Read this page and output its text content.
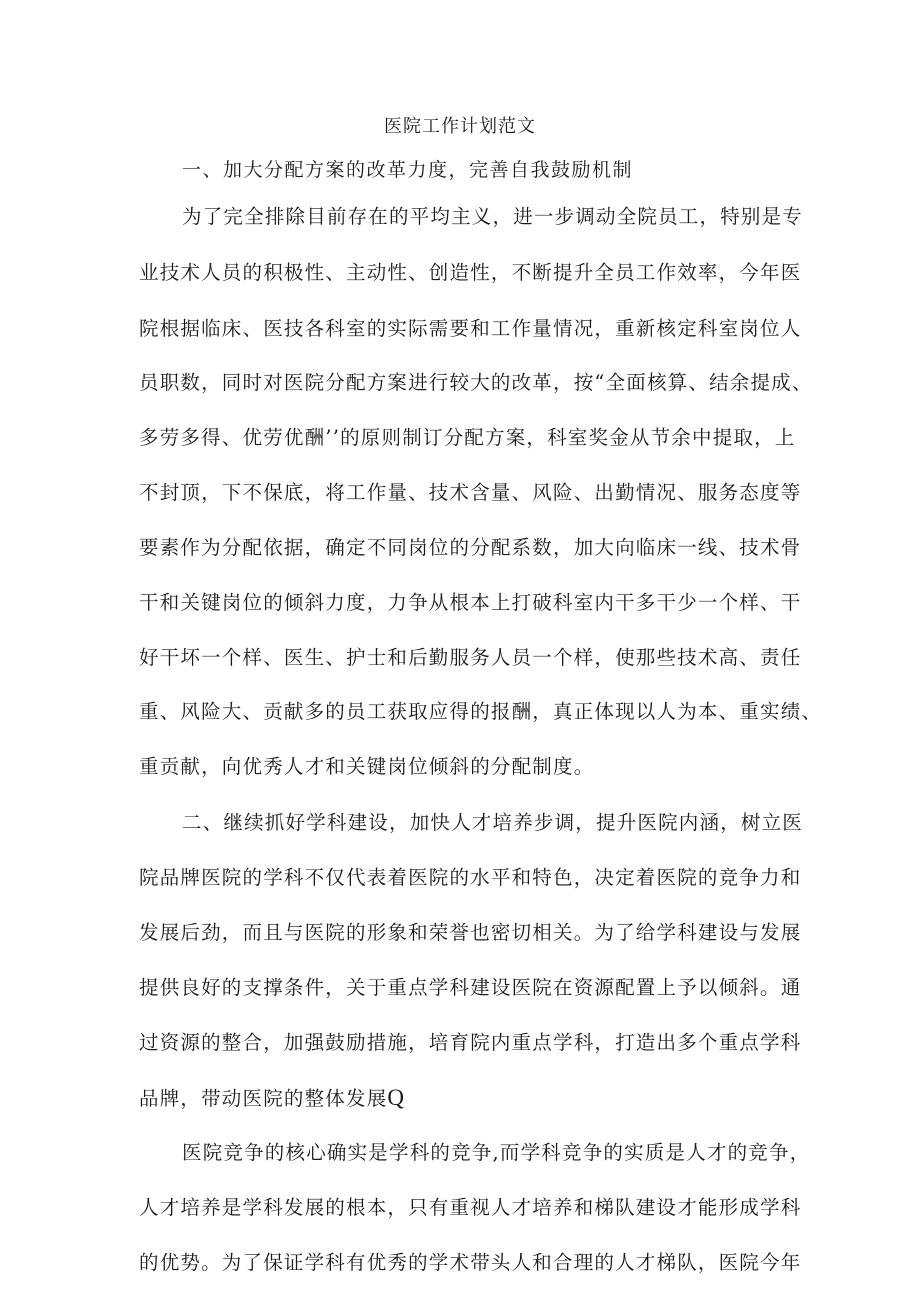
医院工作计划范文
一、加大分配方案的改革力度，完善自我鼓励机制
为了完全排除目前存在的平均主义，进一步调动全院员工，特别是专
业技术人员的积极性、主动性、创造性，不断提升全员工作效率，今年医
院根据临床、医技各科室的实际需要和工作量情况，重新核定科室岗位人
员职数，同时对医院分配方案进行较大的改革，按“全面核算、结余提成、
多劳多得、优劳优酬’’的原则制订分配方案，科室奖金从节余中提取，上
不封顶，下不保底，将工作量、技术含量、风险、出勤情况、服务态度等
要素作为分配依据，确定不同岗位的分配系数，加大向临床一线、技术骨
干和关键岗位的倾斜力度，力争从根本上打破科室内干多干少一个样、干
好干坏一个样、医生、护士和后勤服务人员一个样，使那些技术高、责任
重、风险大、贡献多的员工获取应得的报酬，真正体现以人为本、重实绩、
重贡献，向优秀人才和关键岗位倾斜的分配制度。
二、继续抓好学科建设，加快人才培养步调，提升医院内涵，树立医
院品牌医院的学科不仅代表着医院的水平和特色，决定着医院的竞争力和
发展后劲，而且与医院的形象和荣誉也密切相关。为了给学科建设与发展
提供良好的支撑条件，关于重点学科建设医院在资源配置上予以倾斜。通
过资源的整合，加强鼓励措施，培育院内重点学科，打造出多个重点学科
品牌，带动医院的整体发展Q
医院竞争的核心确实是学科的竞争,而学科竞争的实质是人才的竞争，
人才培养是学科发展的根本，只有重视人才培养和梯队建设才能形成学科
的优势。为了保证学科有优秀的学术带头人和合理的人才梯队，医院今年
